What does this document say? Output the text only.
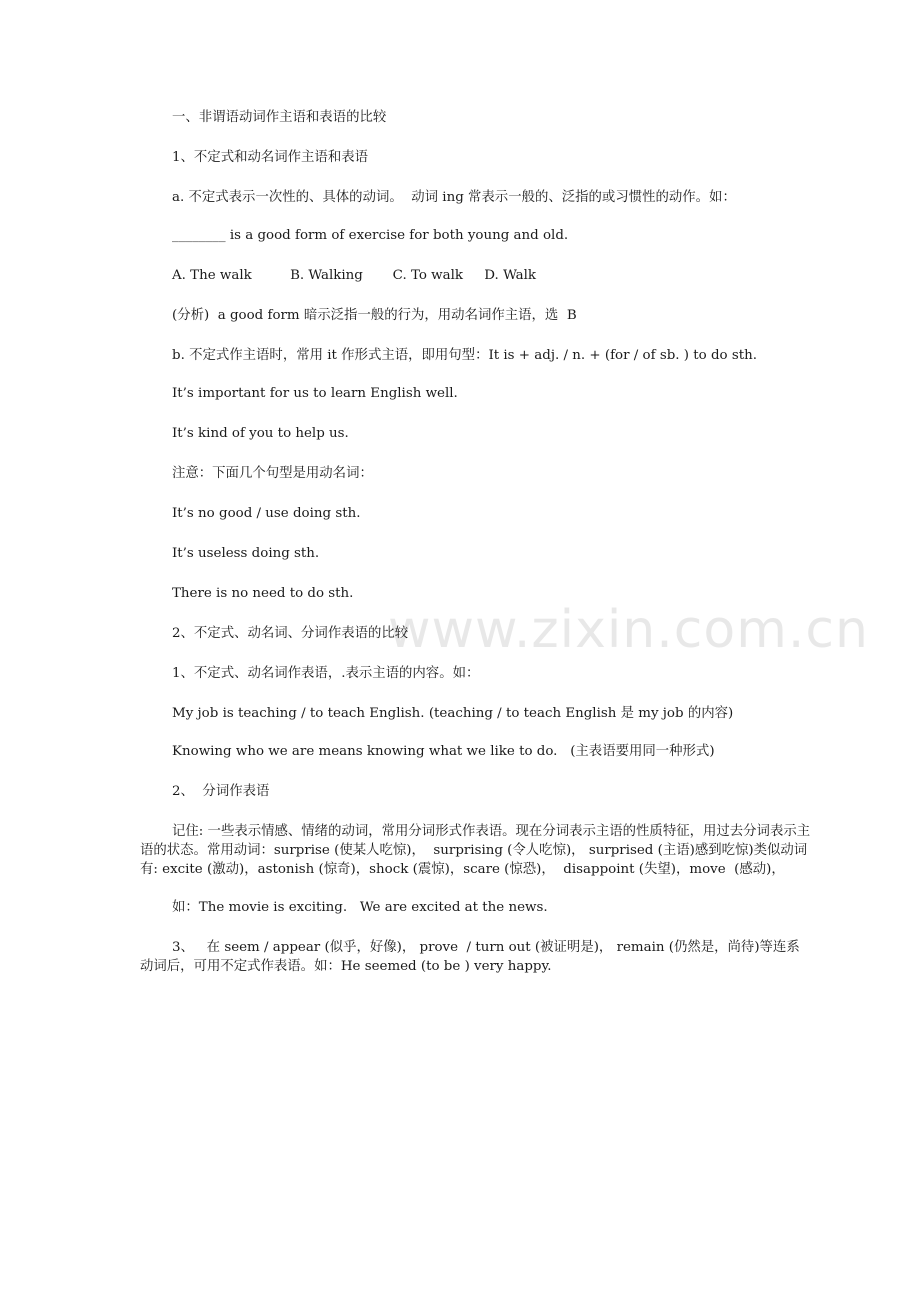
www.zixin.com.cn

一、非谓语动词作主语和表语的比较

1、不定式和动名词作主语和表语

a. 不定式表示一次性的、具体的动词。  动词 ing 常表示一般的、泛指的或习惯性的动作。如：

________ is a good form of exercise for both young and old.

A. The walk         B. Walking       C. To walk     D. Walk

(分析)  a good form 暗示泛指一般的行为，用动名词作主语，选  B

b. 不定式作主语时，常用 it 作形式主语，即用句型：It is + adj. / n. + (for / of sb. ) to do sth.

It’s important for us to learn English well.

It’s kind of you to help us.

注意：下面几个句型是用动名词：

It’s no good / use doing sth.

It’s useless doing sth.

There is no need to do sth.

2、不定式、动名词、分词作表语的比较

1、不定式、动名词作表语，.表示主语的内容。如：

My job is teaching / to teach English. (teaching / to teach English 是 my job 的内容)

Knowing who we are means knowing what we like to do.   (主表语要用同一种形式)

2、  分词作表语

记住: 一些表示情感、情绪的动词，常用分词形式作表语。现在分词表示主语的性质特征，用过去分词表示主语的状态。常用动词：surprise (使某人吃惊)，  surprising (令人吃惊)， surprised (主语)感到吃惊)类似动词有: excite (激动)，astonish (惊奇)，shock (震惊)，scare (惊恐)，  disappoint (失望)，move  (感动)，

如：The movie is exciting.   We are excited at the news.

3、   在 seem / appear (似乎，好像)， prove  / turn out (被证明是)， remain (仍然是，尚待)等连系动词后，可用不定式作表语。如：He seemed (to be ) very happy.
